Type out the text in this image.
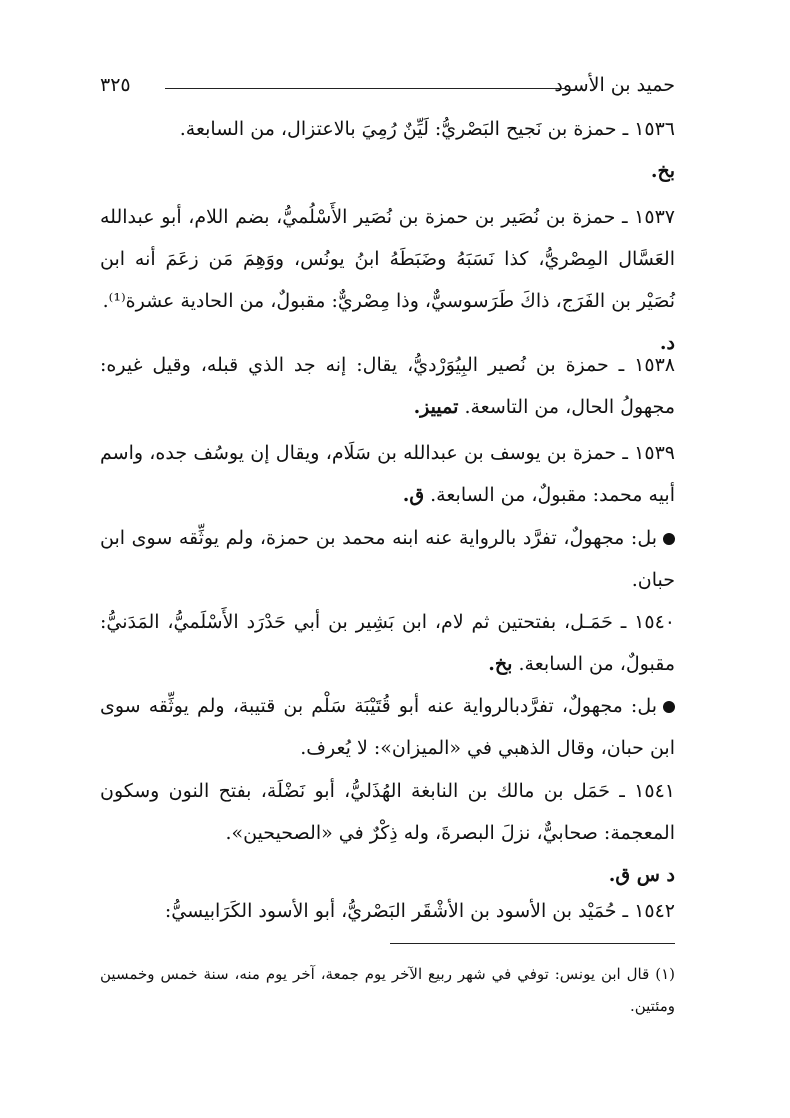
حميد بن الأسود
٣٢٥

١٥٣٦ ـ حمزة بن نَجيح البَصْريُّ: لَيِّنٌ رُمِيَ بالاعتزال، من السابعة.

بخ.

١٥٣٧ ـ حمزة بن نُصَير بن حمزة بن نُصَير الأَسْلُميُّ، بضم اللام، أبو عبدالله العَسَّال المِصْريُّ، كذا نَسَبَهُ وضَبَطَهُ ابنُ يونُس، ووَهِمَ مَن زعَمَ أنه ابن نُصَيْر بن الفَرَج، ذاكَ طَرَسوسيٌّ، وذا مِصْريٌّ: مقبولٌ، من الحادية عشرة⁽¹⁾.
د.

١٥٣٨ ـ حمزة بن نُصير البِيُوَرْديُّ، يقال: إنه جد الذي قبله، وقيل غيره: مجهولُ الحال، من التاسعة. تمييز.

١٥٣٩ ـ حمزة بن يوسف بن عبدالله بن سَلَام، ويقال إن يوسُف جده، واسم أبيه محمد: مقبولٌ، من السابعة. ق.

بل: مجهولٌ، تفرَّد بالرواية عنه ابنه محمد بن حمزة، ولم يوثِّقه سوى ابن حبان.

١٥٤٠ ـ حَمَـل، بفتحتين ثم لام، ابن بَشِير بن أبي حَدْرَد الأَسْلَميُّ، المَدَنيُّ: مقبولٌ، من السابعة. بخ.

بل: مجهولٌ، تفرَّدبالرواية عنه أبو قُتَيْبَة سَلْم بن قتيبة، ولم يوثِّقه سوى ابن حبان، وقال الذهبي في «الميزان»: لا يُعرف.

١٥٤١ ـ حَمَل بن مالك بن النابغة الهُذَليُّ، أبو نَضْلَة، بفتح النون وسكون المعجمة: صحابيٌّ، نزلَ البصرةَ، وله ذِكْرٌ في «الصحيحين».
د س ق.

١٥٤٢ ـ حُمَيْد بن الأسود بن الأشْقَر البَصْريُّ، أبو الأسود الكَرَابيسيُّ:

(١) قال ابن يونس: توفي في شهر ربيع الآخر يوم جمعة، آخر يوم منه، سنة خمس وخمسين ومئتين.
